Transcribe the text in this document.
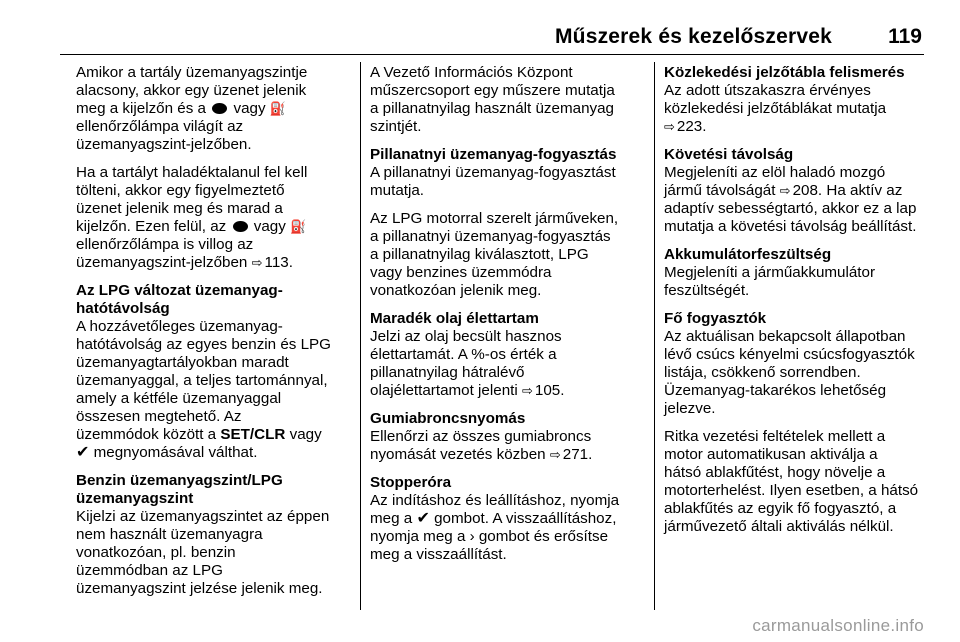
Műszerek és kezelőszervek	119

Amikor a tartály üzemanyagszintje
alacsony, akkor egy üzenet jelenik
meg a kijelzőn és a vagy ⛽
ellenőrzőlámpa világít az
üzemanyagszint-jelzőben.

Ha a tartályt haladéktalanul fel kell
tölteni, akkor egy figyelmeztető
üzenet jelenik meg és marad a
kijelzőn. Ezen felül, az vagy ⛽
ellenőrzőlámpa is villog az
üzemanyagszint-jelzőben ⇨ 113.

Az LPG változat üzemanyag-
hatótávolság
A hozzávetőleges üzemanyag-
hatótávolság az egyes benzin és LPG
üzemanyagtartályokban maradt
üzemanyaggal, a teljes tartománnyal,
amely a kétféle üzemanyaggal
összesen megtehető. Az
üzemmódok között a SET/CLR vagy
✔ megnyomásával válthat.

Benzin üzemanyagszint/LPG
üzemanyagszint
Kijelzi az üzemanyagszintet az éppen
nem használt üzemanyagra
vonatkozóan, pl. benzin
üzemmódban az LPG
üzemanyagszint jelzése jelenik meg.

A Vezető Információs Központ
műszercsoport egy műszere mutatja
a pillanatnyilag használt üzemanyag
szintjét.

Pillanatnyi üzemanyag-fogyasztás
A pillanatnyi üzemanyag-fogyasztást
mutatja.

Az LPG motorral szerelt járműveken,
a pillanatnyi üzemanyag-fogyasztás
a pillanatnyilag kiválasztott, LPG
vagy benzines üzemmódra
vonatkozóan jelenik meg.

Maradék olaj élettartam
Jelzi az olaj becsült hasznos
élettartamát. A %-os érték a
pillanatnyilag hátralévő
olajélettartamot jelenti ⇨ 105.

Gumiabroncsnyomás
Ellenőrzi az összes gumiabroncs
nyomását vezetés közben ⇨ 271.

Stopperóra
Az indításhoz és leállításhoz, nyomja
meg a ✔ gombot. A visszaállításhoz,
nyomja meg a › gombot és erősítse
meg a visszaállítást.

Közlekedési jelzőtábla felismerés
Az adott útszakaszra érvényes
közlekedési jelzőtáblákat mutatja
⇨ 223.

Követési távolság
Megjeleníti az elöl haladó mozgó
jármű távolságát ⇨ 208. Ha aktív az
adaptív sebességtartó, akkor ez a lap
mutatja a követési távolság beállítást.

Akkumulátorfeszültség
Megjeleníti a járműakkumulátor
feszültségét.

Fő fogyasztók
Az aktuálisan bekapcsolt állapotban
lévő csúcs kényelmi csúcsfogyasztók
listája, csökkenő sorrendben.
Üzemanyag-takarékos lehetőség
jelezve.

Ritka vezetési feltételek mellett a
motor automatikusan aktiválja a
hátsó ablakfűtést, hogy növelje a
motorterhelést. Ilyen esetben, a hátsó
ablakfűtés az egyik fő fogyasztó, a
járművezető általi aktiválás nélkül.

carmanualsonline.info
